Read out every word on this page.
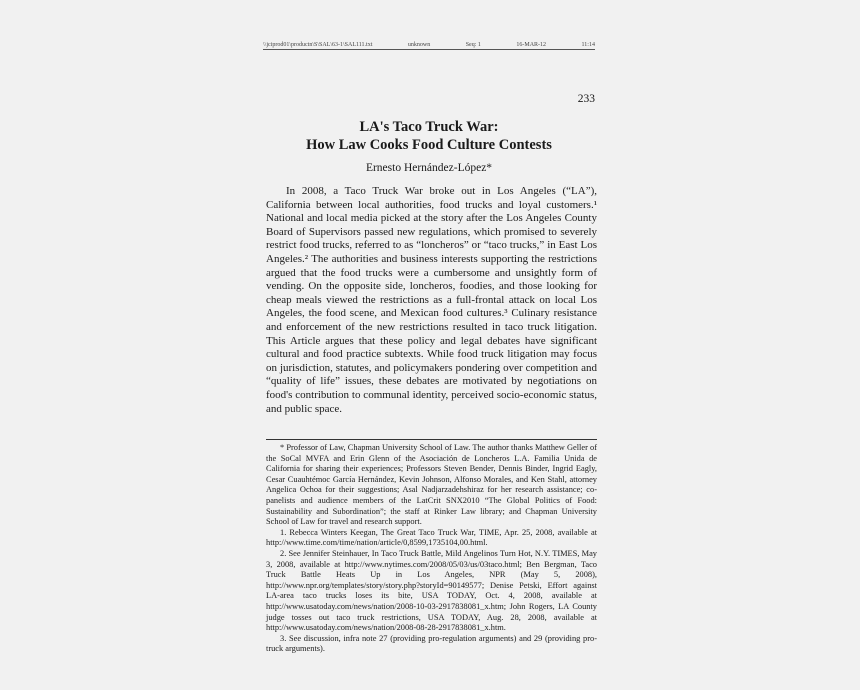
\\jciprod01\productn\S\SAL\63-1\SAL111.txt	unknown	Seq: 1	16-MAR-12	11:14
233
LA's Taco Truck War:
How Law Cooks Food Culture Contests
Ernesto Hernández-López*

In 2008, a Taco Truck War broke out in Los Angeles (“LA”), California between local authorities, food trucks and loyal customers.¹ National and local media picked at the story after the Los Angeles County Board of Supervisors passed new regulations, which promised to severely restrict food trucks, referred to as “loncheros” or “taco trucks,” in East Los Angeles.² The authorities and business interests supporting the restrictions argued that the food trucks were a cumbersome and unsightly form of vending. On the opposite side, loncheros, foodies, and those looking for cheap meals viewed the restrictions as a full-frontal attack on local Los Angeles, the food scene, and Mexican food cultures.³ Culinary resistance and enforcement of the new restrictions resulted in taco truck litigation. This Article argues that these policy and legal debates have significant cultural and food practice subtexts. While food truck litigation may focus on jurisdiction, statutes, and policymakers pondering over competition and “quality of life” issues, these debates are motivated by negotiations on food's contribution to communal identity, perceived socio-economic status, and public space.

* Professor of Law, Chapman University School of Law. The author thanks Matthew Geller of the SoCal MVFA and Erin Glenn of the Asociación de Loncheros L.A. Familia Unida de California for sharing their experiences; Professors Steven Bender, Dennis Binder, Ingrid Eagly, Cesar Cuauhtémoc García Hernández, Kevin Johnson, Alfonso Morales, and Ken Stahl, attorney Angelica Ochoa for their suggestions; Asal Nadjarzadehshiraz for her research assistance; co-panelists and audience members of the LatCrit SNX2010 “The Global Politics of Food: Sustainability and Subordination”; the staff at Rinker Law library; and Chapman University School of Law for travel and research support.

1. Rebecca Winters Keegan, The Great Taco Truck War, TIME, Apr. 25, 2008, available at http://www.time.com/time/nation/article/0,8599,1735104,00.html.

2. See Jennifer Steinhauer, In Taco Truck Battle, Mild Angelinos Turn Hot, N.Y. TIMES, May 3, 2008, available at http://www.nytimes.com/2008/05/03/us/03taco.html; Ben Bergman, Taco Truck Battle Heats Up in Los Angeles, NPR (May 5, 2008), http://www.npr.org/templates/story/story.php?storyId=90149577; Denise Petski, Effort against LA-area taco trucks loses its bite, USA TODAY, Oct. 4, 2008, available at http://www.usatoday.com/news/nation/2008-10-03-2917838081_x.htm; John Rogers, LA County judge tosses out taco truck restrictions, USA TODAY, Aug. 28, 2008, available at http://www.usatoday.com/news/nation/2008-08-28-2917838081_x.htm.

3. See discussion, infra note 27 (providing pro-regulation arguments) and 29 (providing pro-truck arguments).
